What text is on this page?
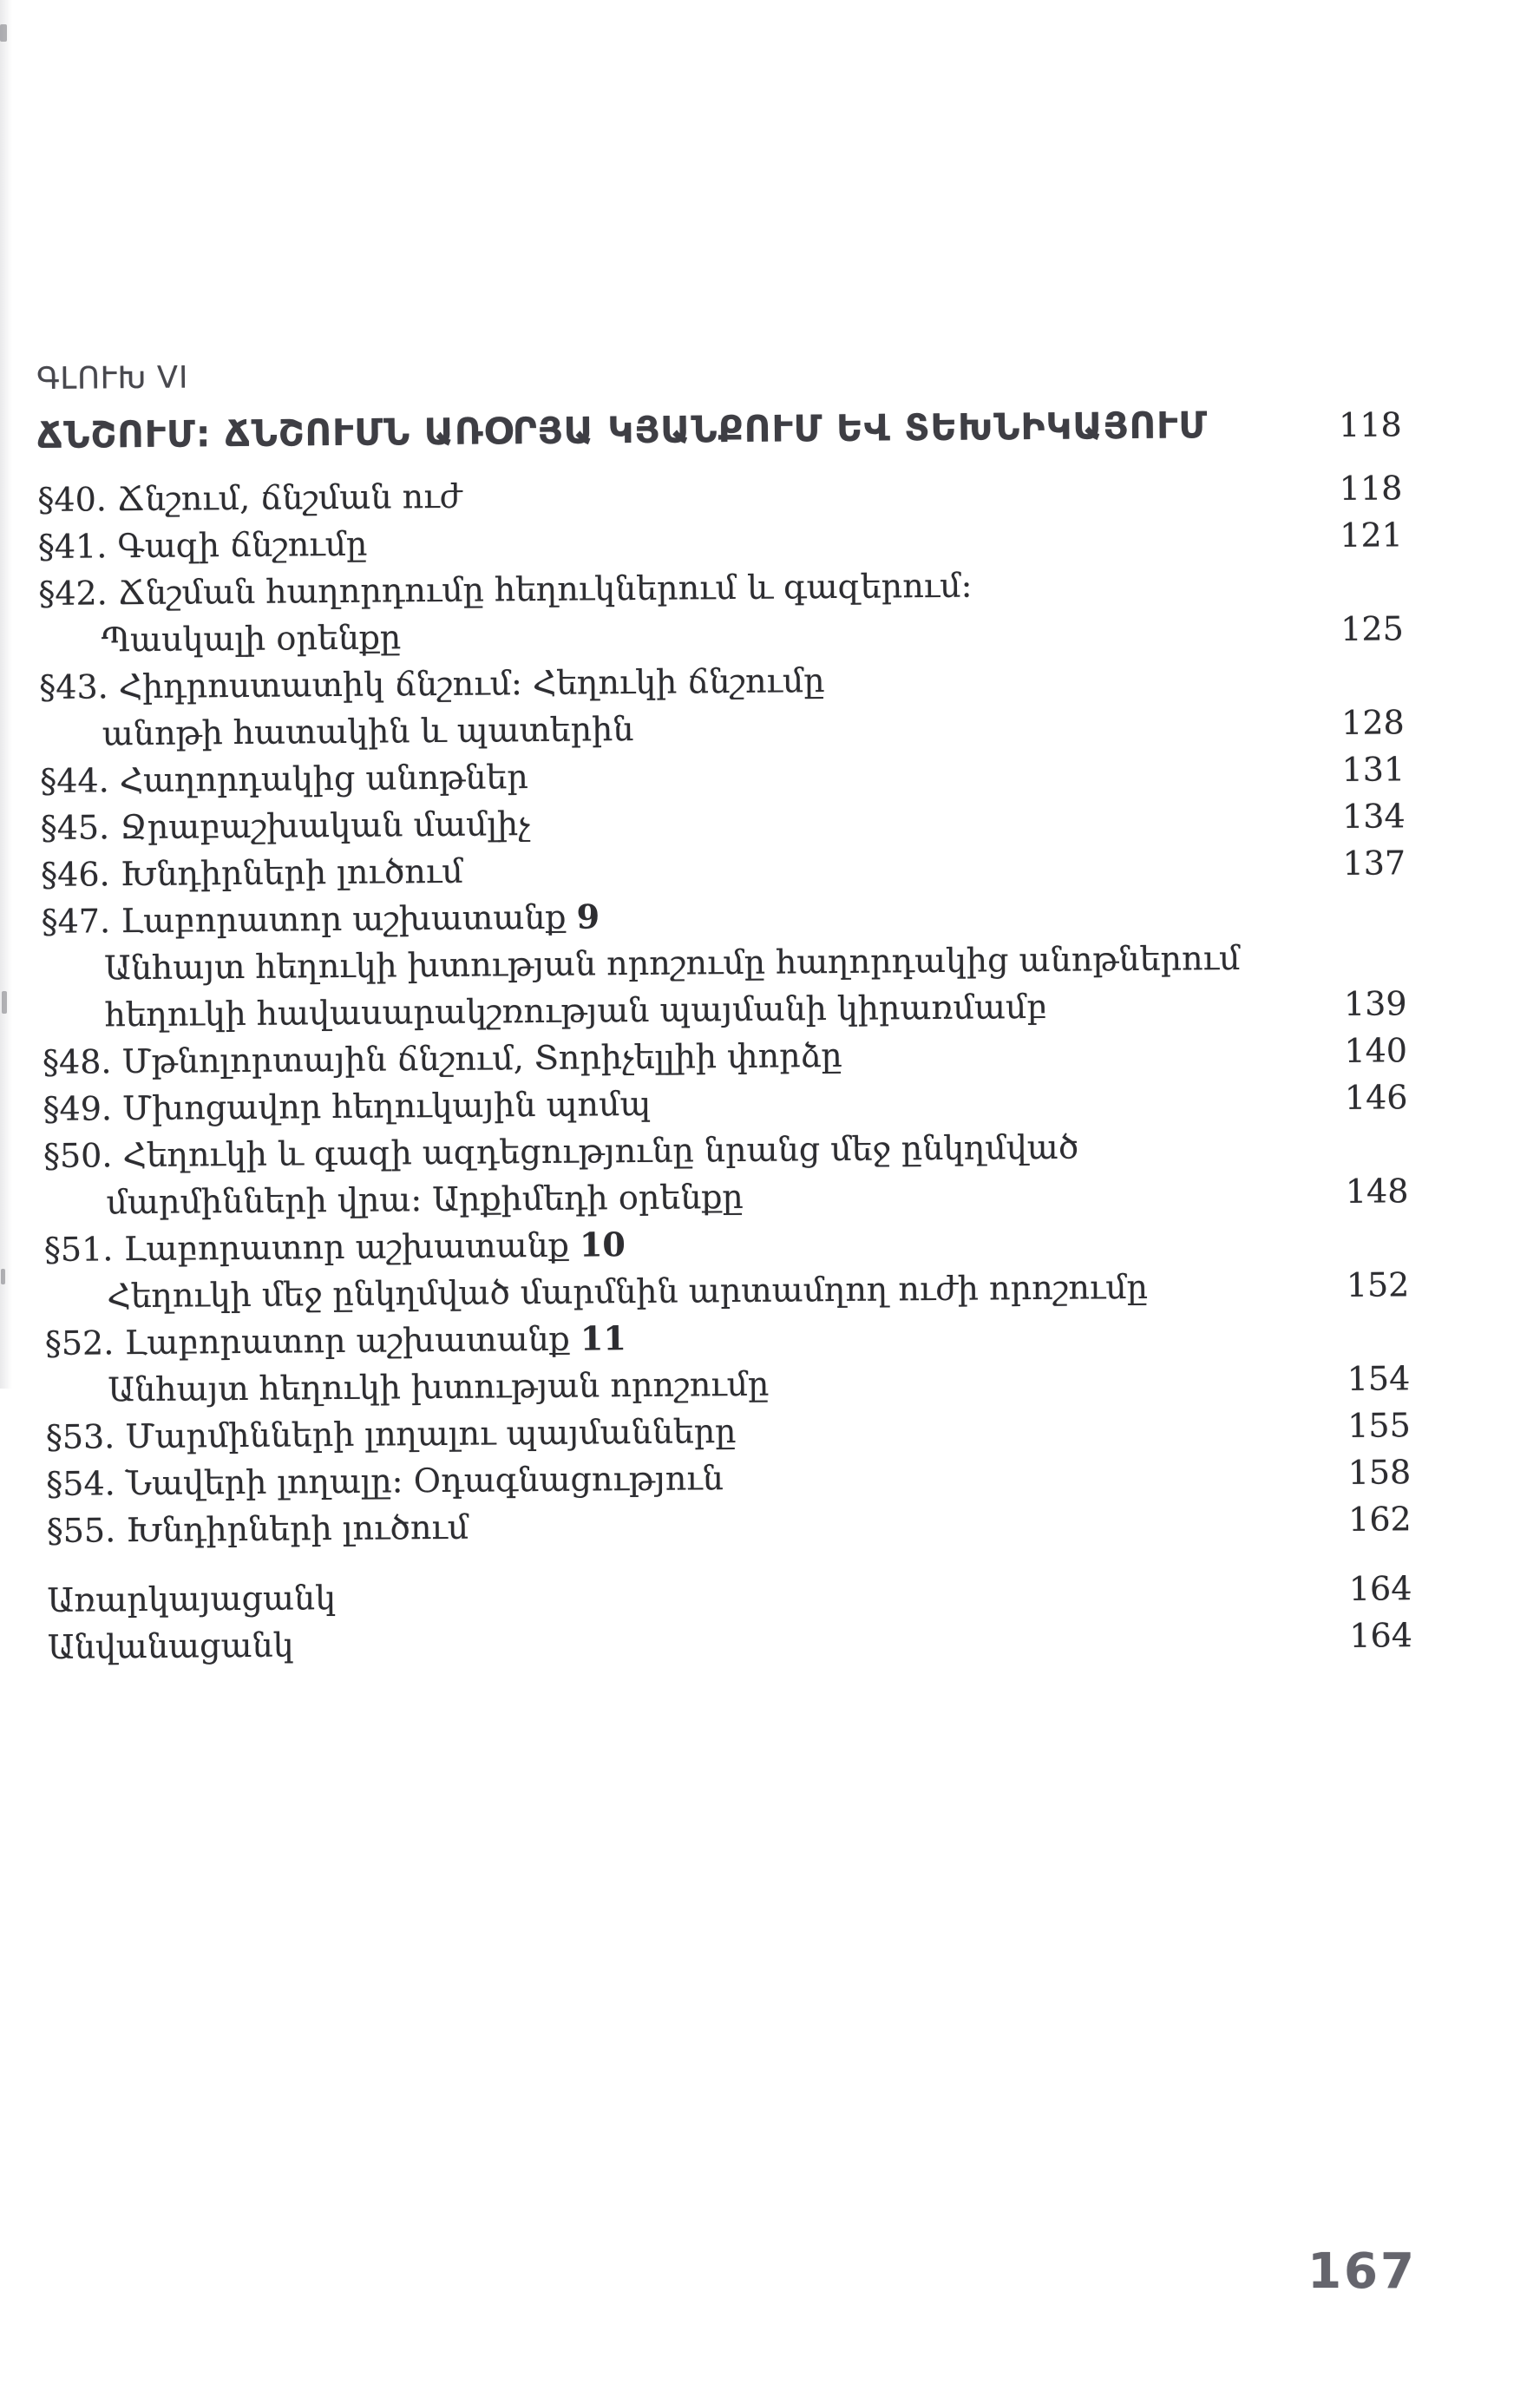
ԳԼՈՒԽ VI
ՃՆՇՈՒՄ: ՃՆՇՈՒՄՆ ԱՌՕՐՅԱ ԿՅԱՆՔՈՒՄ ԵՎ ՏԵԽՆԻԿԱՅՈՒՄ	118
§40. Ճնշում, ճնշման ուժ	118
§41. Գազի ճնշումը	121
§42. Ճնշման հաղորդումը հեղուկներում և գազերում:
Պասկալի օրենքը	125
§43. Հիդրոստատիկ ճնշում: Հեղուկի ճնշումը
անոթի հատակին և պատերին	128
§44. Հաղորդակից անոթներ	131
§45. Ջրաբաշխական մամլիչ	134
§46. Խնդիրների լուծում	137
§47. Լաբորատոր աշխատանք 9
Անհայտ հեղուկի խտության որոշումը հաղորդակից անոթներում
հեղուկի հավասարակշռության պայմանի կիրառմամբ	139
§48. Մթնոլորտային ճնշում, Տորիչելլիի փորձը	140
§49. Մխոցավոր հեղուկային պոմպ	146
§50. Հեղուկի և գազի ազդեցությունը նրանց մեջ ընկղմված
մարմինների վրա: Արքիմեդի օրենքը	148
§51. Լաբորատոր աշխատանք 10
Հեղուկի մեջ ընկղմված մարմնին արտամղող ուժի որոշումը	152
§52. Լաբորատոր աշխատանք 11
Անհայտ հեղուկի խտության որոշումը	154
§53. Մարմինների լողալու պայմանները	155
§54. Նավերի լողալը: Օդագնացություն	158
§55. Խնդիրների լուծում	162
Առարկայացանկ	164
Անվանացանկ	164
167
